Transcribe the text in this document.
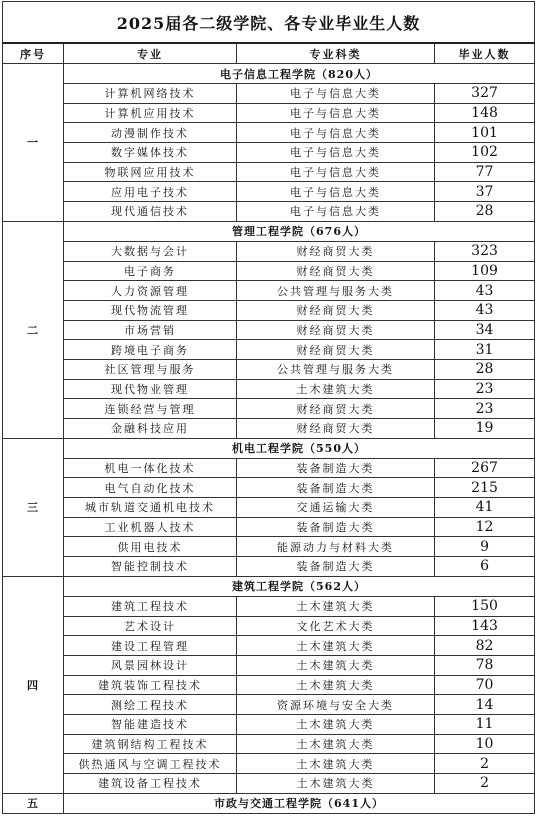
2025届各二级学院、各专业毕业生人数			
序号	专业	专业科类	毕业人数
一	电子信息工程学院（820人）		
	计算机网络技术	电子与信息大类	327
	计算机应用技术	电子与信息大类	148
	动漫制作技术	电子与信息大类	101
	数字媒体技术	电子与信息大类	102
	物联网应用技术	电子与信息大类	77
	应用电子技术	电子与信息大类	37
	现代通信技术	电子与信息大类	28
二	管理工程学院（676人）		
	大数据与会计	财经商贸大类	323
	电子商务	财经商贸大类	109
	人力资源管理	公共管理与服务大类	43
	现代物流管理	财经商贸大类	43
	市场营销	财经商贸大类	34
	跨境电子商务	财经商贸大类	31
	社区管理与服务	公共管理与服务大类	28
	现代物业管理	土木建筑大类	23
	连锁经营与管理	财经商贸大类	23
	金融科技应用	财经商贸大类	19
三	机电工程学院（550人）		
	机电一体化技术	装备制造大类	267
	电气自动化技术	装备制造大类	215
	城市轨道交通机电技术	交通运输大类	41
	工业机器人技术	装备制造大类	12
	供用电技术	能源动力与材料大类	9
	智能控制技术	装备制造大类	6
四	建筑工程学院（562人）		
	建筑工程技术	土木建筑大类	150
	艺术设计	文化艺术大类	143
	建设工程管理	土木建筑大类	82
	风景园林设计	土木建筑大类	78
	建筑装饰工程技术	土木建筑大类	70
	测绘工程技术	资源环境与安全大类	14
	智能建造技术	土木建筑大类	11
	建筑钢结构工程技术	土木建筑大类	10
	供热通风与空调工程技术	土木建筑大类	2
	建筑设备工程技术	土木建筑大类	2
五	市政与交通工程学院（641人）		
